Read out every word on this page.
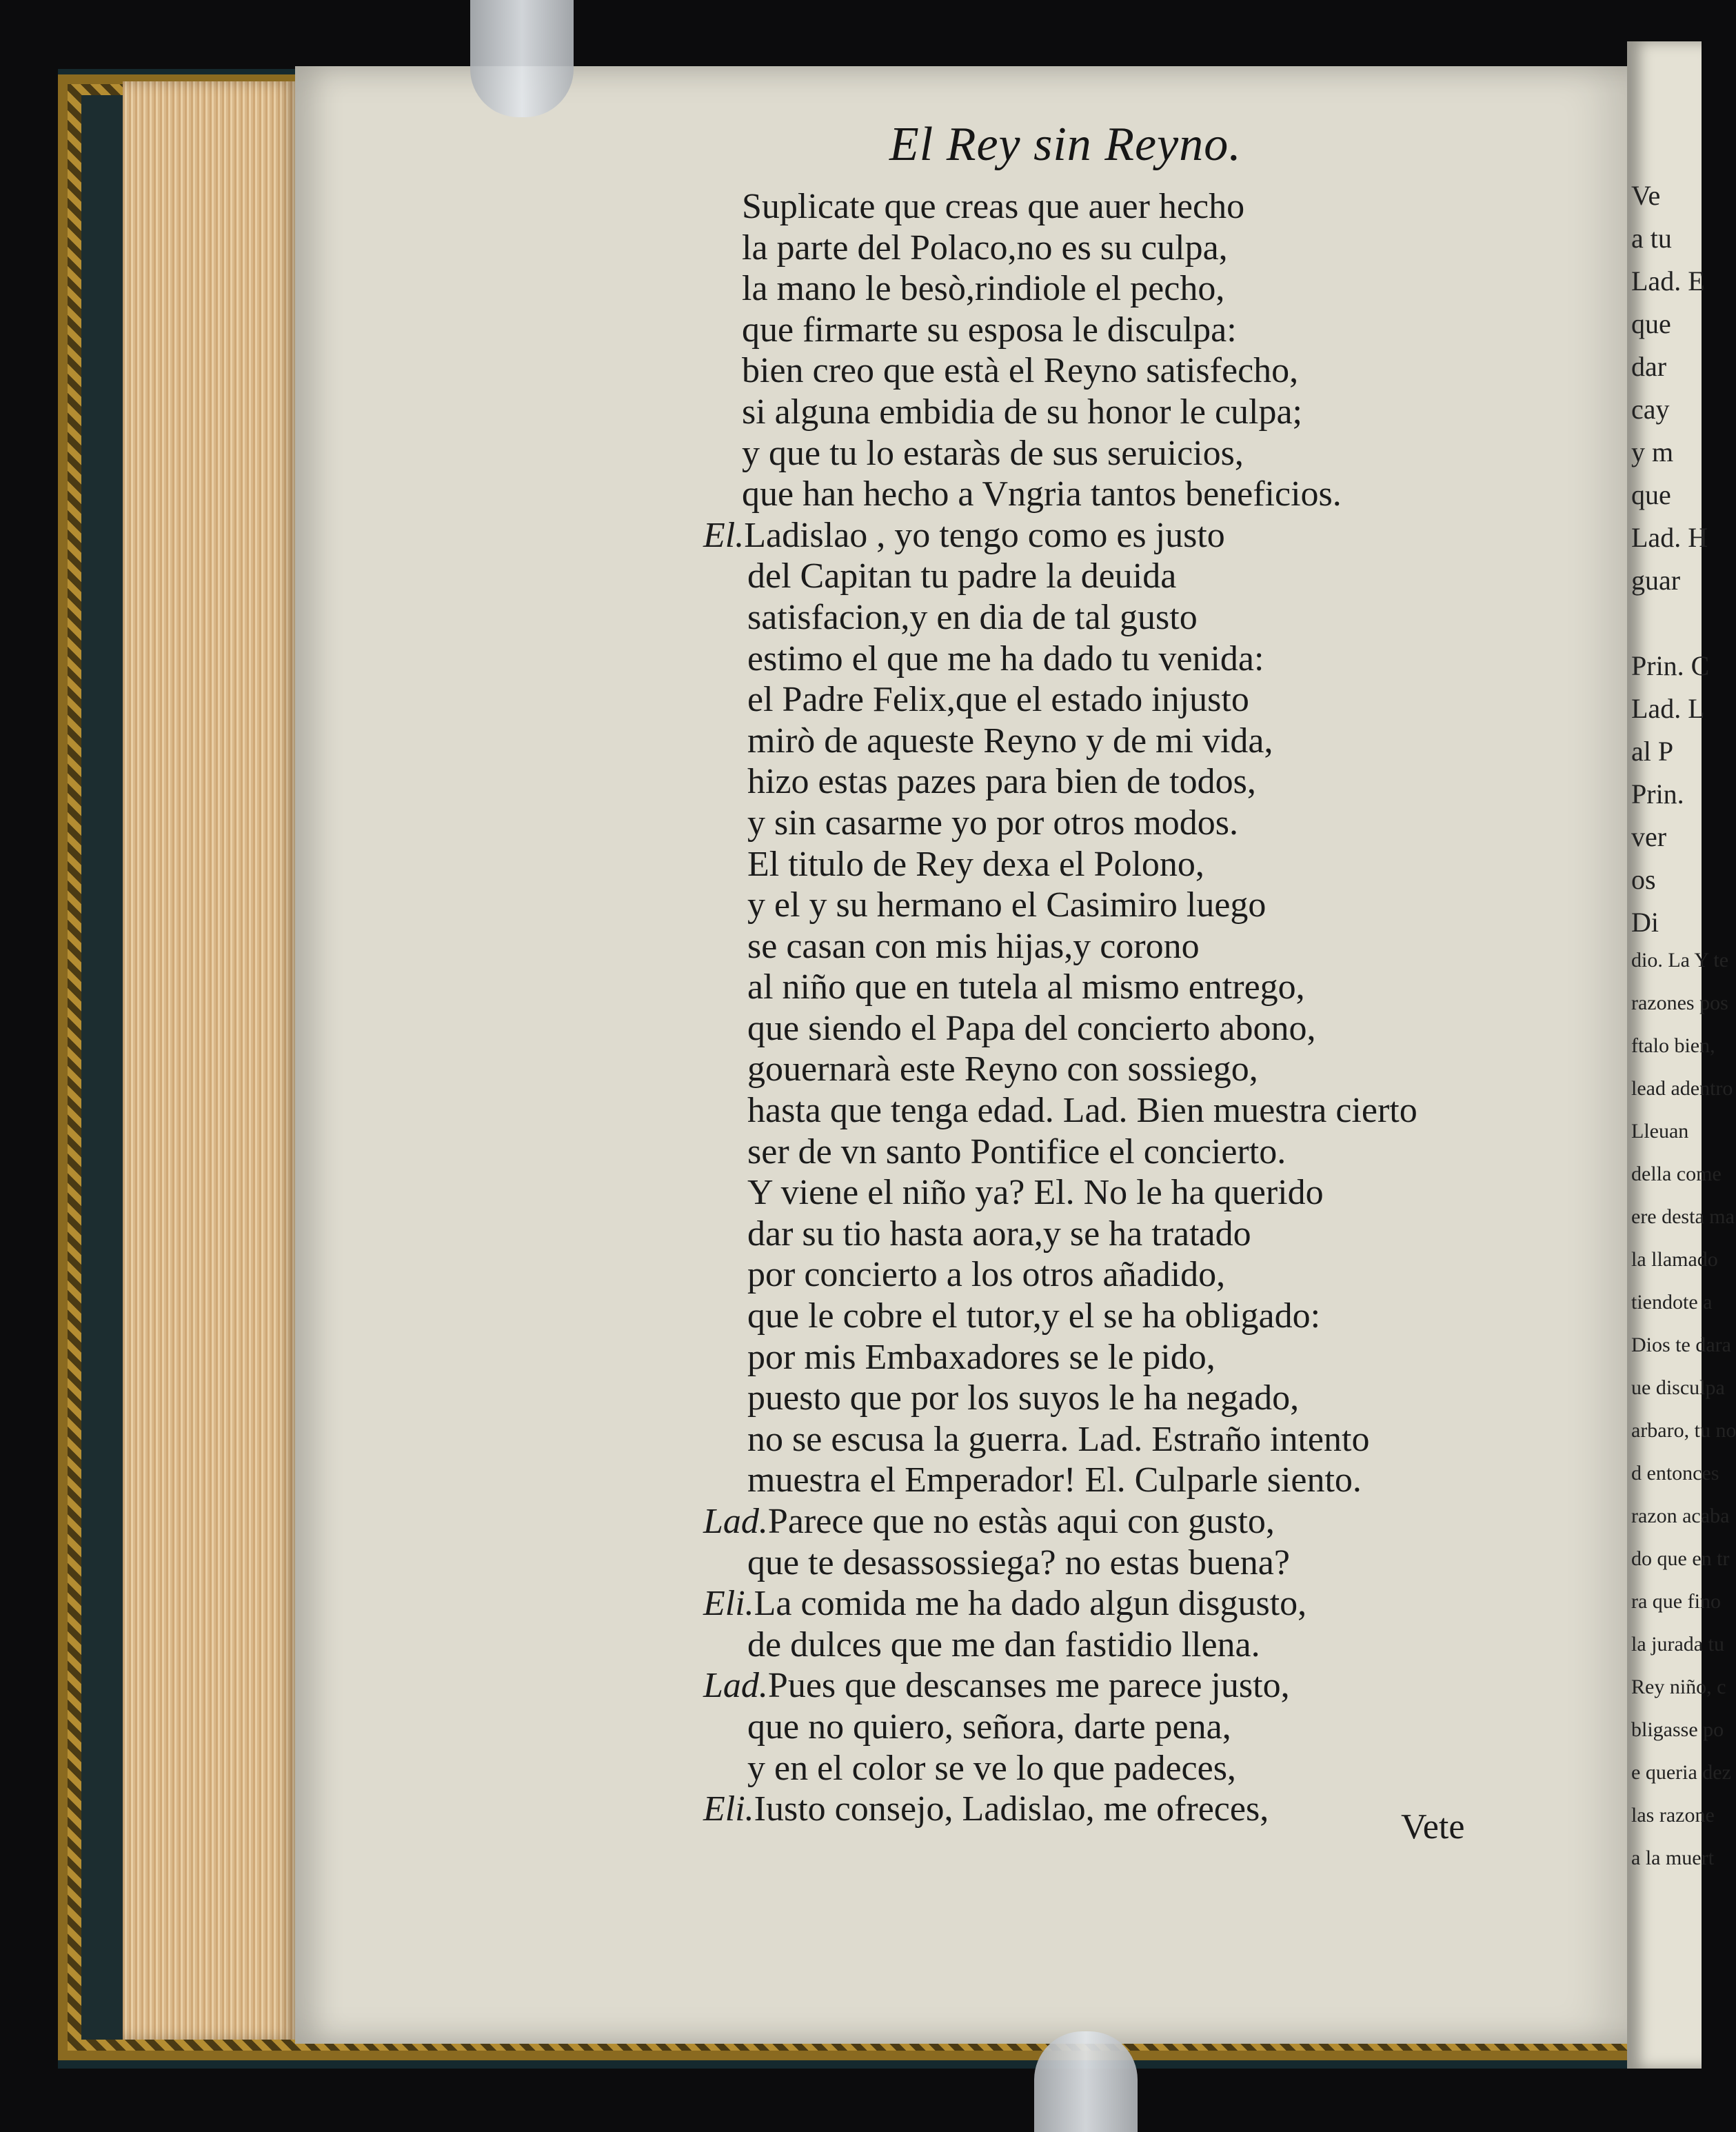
El Rey sin Reyno.
Suplicate que creas que auer hecho
la parte del Polaco,no es su culpa,
la mano le besò,rindiole el pecho,
que firmarte su esposa le disculpa:
bien creo que està el Reyno satisfecho,
si alguna embidia de su honor le culpa;
y que tu lo estaràs de sus seruicios,
que han hecho a Vngria tantos beneficios.
El.Ladislao , yo tengo como es justo
del Capitan tu padre la deuida
satisfacion,y en dia de tal gusto
estimo el que me ha dado tu venida:
el Padre Felix,que el estado injusto
mirò de aqueste Reyno y de mi vida,
hizo estas pazes para bien de todos,
y sin casarme yo por otros modos.
El titulo de Rey dexa el Polono,
y el y su hermano el Casimiro luego
se casan con mis hijas,y corono
al niño que en tutela al mismo entrego,
que siendo el Papa del concierto abono,
gouernarà este Reyno con sossiego,
hasta que tenga edad. Lad. Bien muestra cierto
ser de vn santo Pontifice el concierto.
Y viene el niño ya? El. No le ha querido
dar su tio hasta aora,y se ha tratado
por concierto a los otros añadido,
que le cobre el tutor,y el se ha obligado:
por mis Embaxadores se le pido,
puesto que por los suyos le ha negado,
no se escusa la guerra. Lad. Estraño intento
muestra el Emperador! El. Culparle siento.
Lad.Parece que no estàs aqui con gusto,
que te desassossiega? no estas buena?
Eli.La comida me ha dado algun disgusto,
de dulces que me dan fastidio llena.
Lad.Pues que descanses me parece justo,
que no quiero, señora, darte pena,
y en el color se ve lo que padeces,
Eli.Iusto consejo, Ladislao, me ofreces,	Vete
Ve
a tu
Lad. E
que
dar
cay
y m
que
Lad. H
guar
Prin. C
Lad. L
al P
Prin.
ver
os
Di
dio. La Y te
razones pos
ftalo bien,
lead adentro
Lleuan
della come
ere desta ma
la llamado
tiendote a
Dios te dara
ue disculpa
arbaro, tu no
d entonces
razon acaba
do que en tr
ra que fino
la jurada tu
Rey niño, c
bligasse po
e queria dez
las razone
a la muert
